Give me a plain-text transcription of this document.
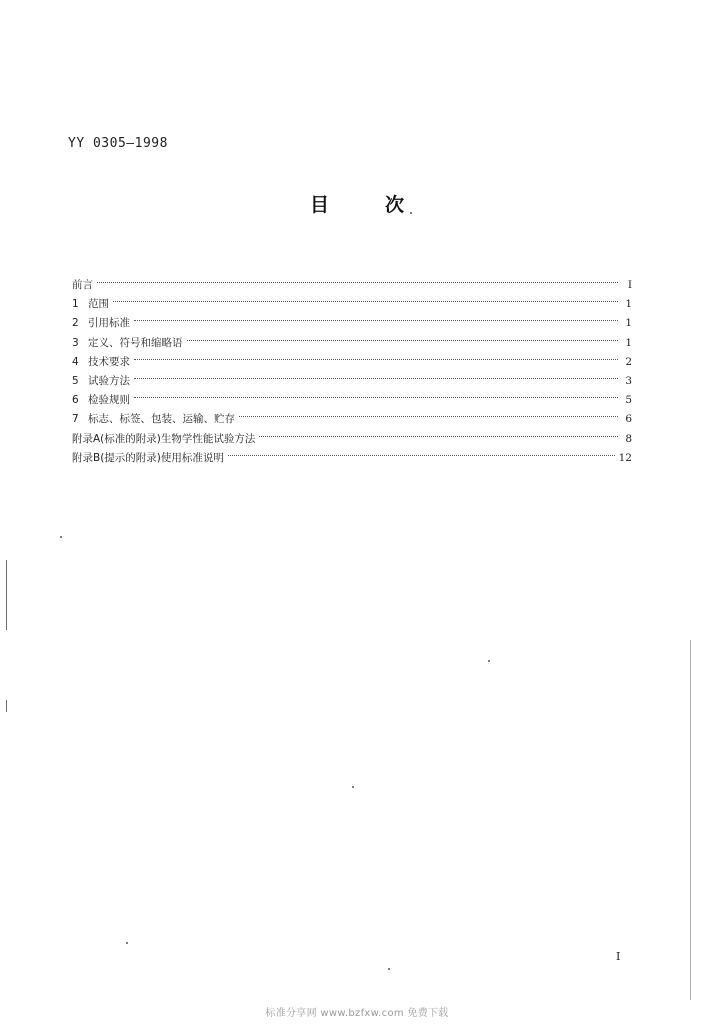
YY 0305—1998
目	次
前言	Ⅰ
1 范围	1
2 引用标准	1
3 定义、符号和缩略语	1
4 技术要求	2
5 试验方法	3
6 检验规则	5
7 标志、标签、包装、运输、贮存	6
附录A(标准的附录)生物学性能试验方法	8
附录B(提示的附录)使用标准说明	12
Ⅰ
标准分享网 www.bzfxw.com 免费下载
